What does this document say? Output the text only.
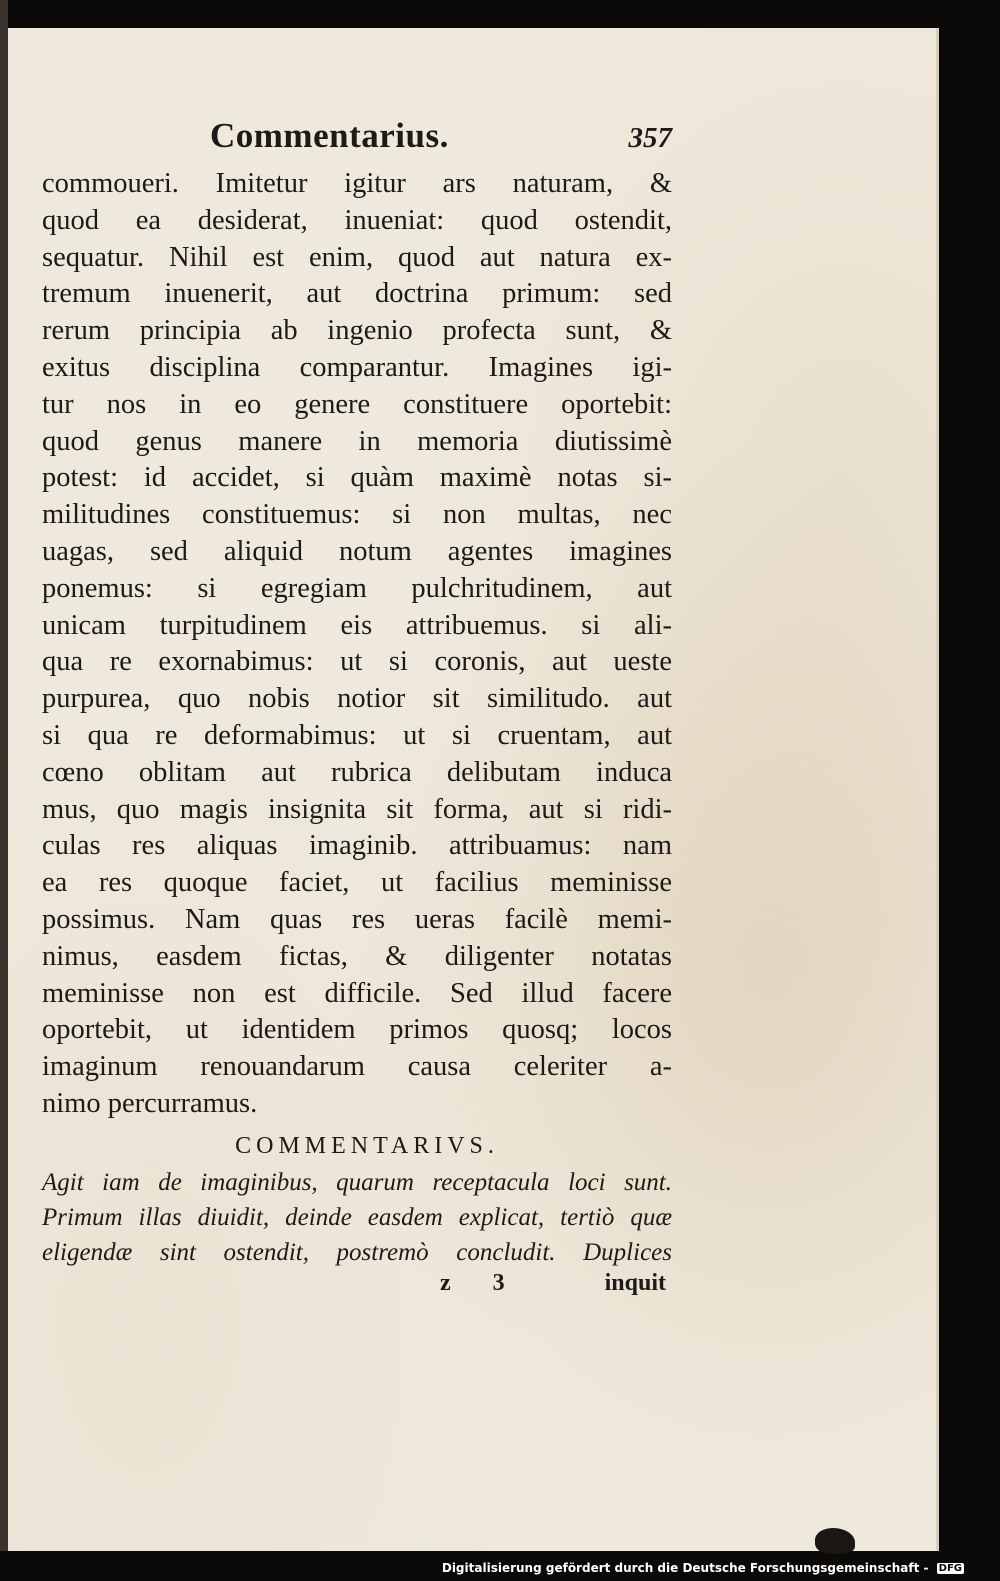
Commentarius.	357
commoueri. Imitetur igitur ars naturam, &
quod ea desiderat, inueniat: quod ostendit,
sequatur. Nihil est enim, quod aut natura ex-
tremum inuenerit, aut doctrina primum: sed
rerum principia ab ingenio profecta sunt, &
exitus disciplina comparantur. Imagines igi-
tur nos in eo genere constituere oportebit:
quod genus manere in memoria diutissimè
potest: id accidet, si quàm maximè notas si-
militudines constituemus: si non multas, nec
uagas, sed aliquid notum agentes imagines
ponemus: si egregiam pulchritudinem, aut
unicam turpitudinem eis attribuemus. si ali-
qua re exornabimus: ut si coronis, aut ueste
purpurea, quo nobis notior sit similitudo. aut
si qua re deformabimus: ut si cruentam, aut
cœno oblitam aut rubrica delibutam induca
mus, quo magis insignita sit forma, aut si ridi-
culas res aliquas imaginib. attribuamus: nam
ea res quoque faciet, ut facilius meminisse
possimus. Nam quas res ueras facilè memi-
nimus, easdem fictas, & diligenter notatas
meminisse non est difficile. Sed illud facere
oportebit, ut identidem primos quosq; locos
imaginum renouandarum causa celeriter a-
nimo percurramus.
COMMENTARIVS.
Agit iam de imaginibus, quarum receptacula loci sunt.
Primum illas diuidit, deinde easdem explicat, tertiò quæ
eligendæ sint ostendit, postremò concludit. Duplices
z 3	inquit
Digitalisierung gefördert durch die Deutsche Forschungsgemeinschaft - DFG
